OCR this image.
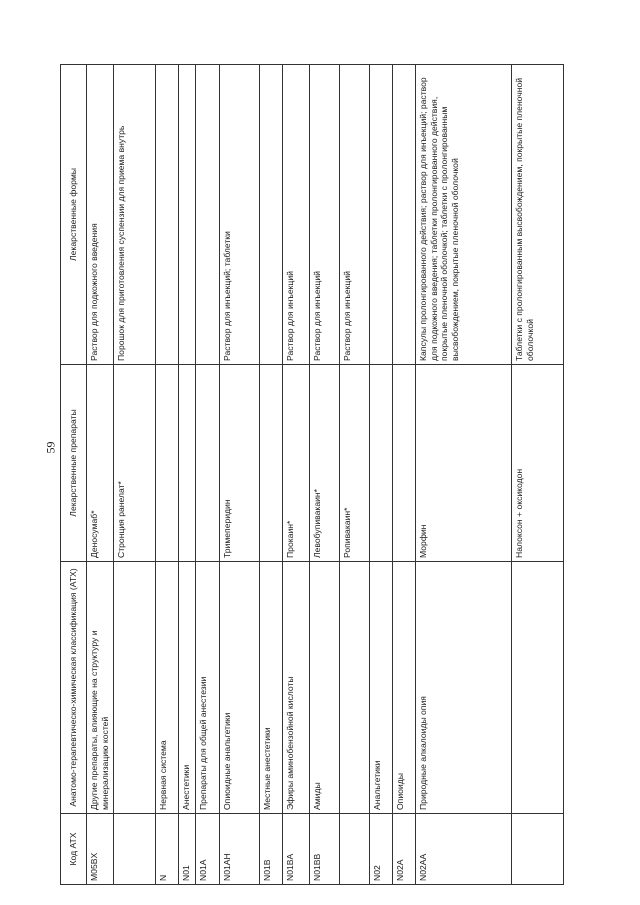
59
Код АТХ	Анатомо-терапевтическо-химическая классификация (АТХ)	Лекарственные препараты	Лекарственные формы
M05BX	Другие препараты, влияющие на структуру и минерализацию костей	Деносумаб*	Раствор для подкожного введения
		Стронция ранелат*	Порошок для приготовления суспензии для приема внутрь
N	Нервная система		
N01	Анестетики		
N01A	Препараты для общей анестезии		
N01AH	Опиоидные анальгетики	Тримеперидин	Раствор для инъекций; таблетки
N01B	Местные анестетики		
N01BA	Эфиры аминобензойной кислоты	Прокаин*	Раствор для инъекций
N01BB	Амиды	Левобупивакаин*	Раствор для инъекций
		Ропивакаин*	Раствор для инъекций
N02	Анальгетики		
N02A	Опиоиды		
N02AA	Природные алкалоиды опия	Морфин	Капсулы пролонгированного действия; раствор для инъекций; раствор для подкожного введения; таблетки пролонгированного действия, покрытые пленочной оболочкой; таблетки с пролонгированным высвобождением, покрытые пленочной оболочкой
		Налоксон + оксикодон	Таблетки с пролонгированным высвобождением, покрытые пленочной оболочкой
